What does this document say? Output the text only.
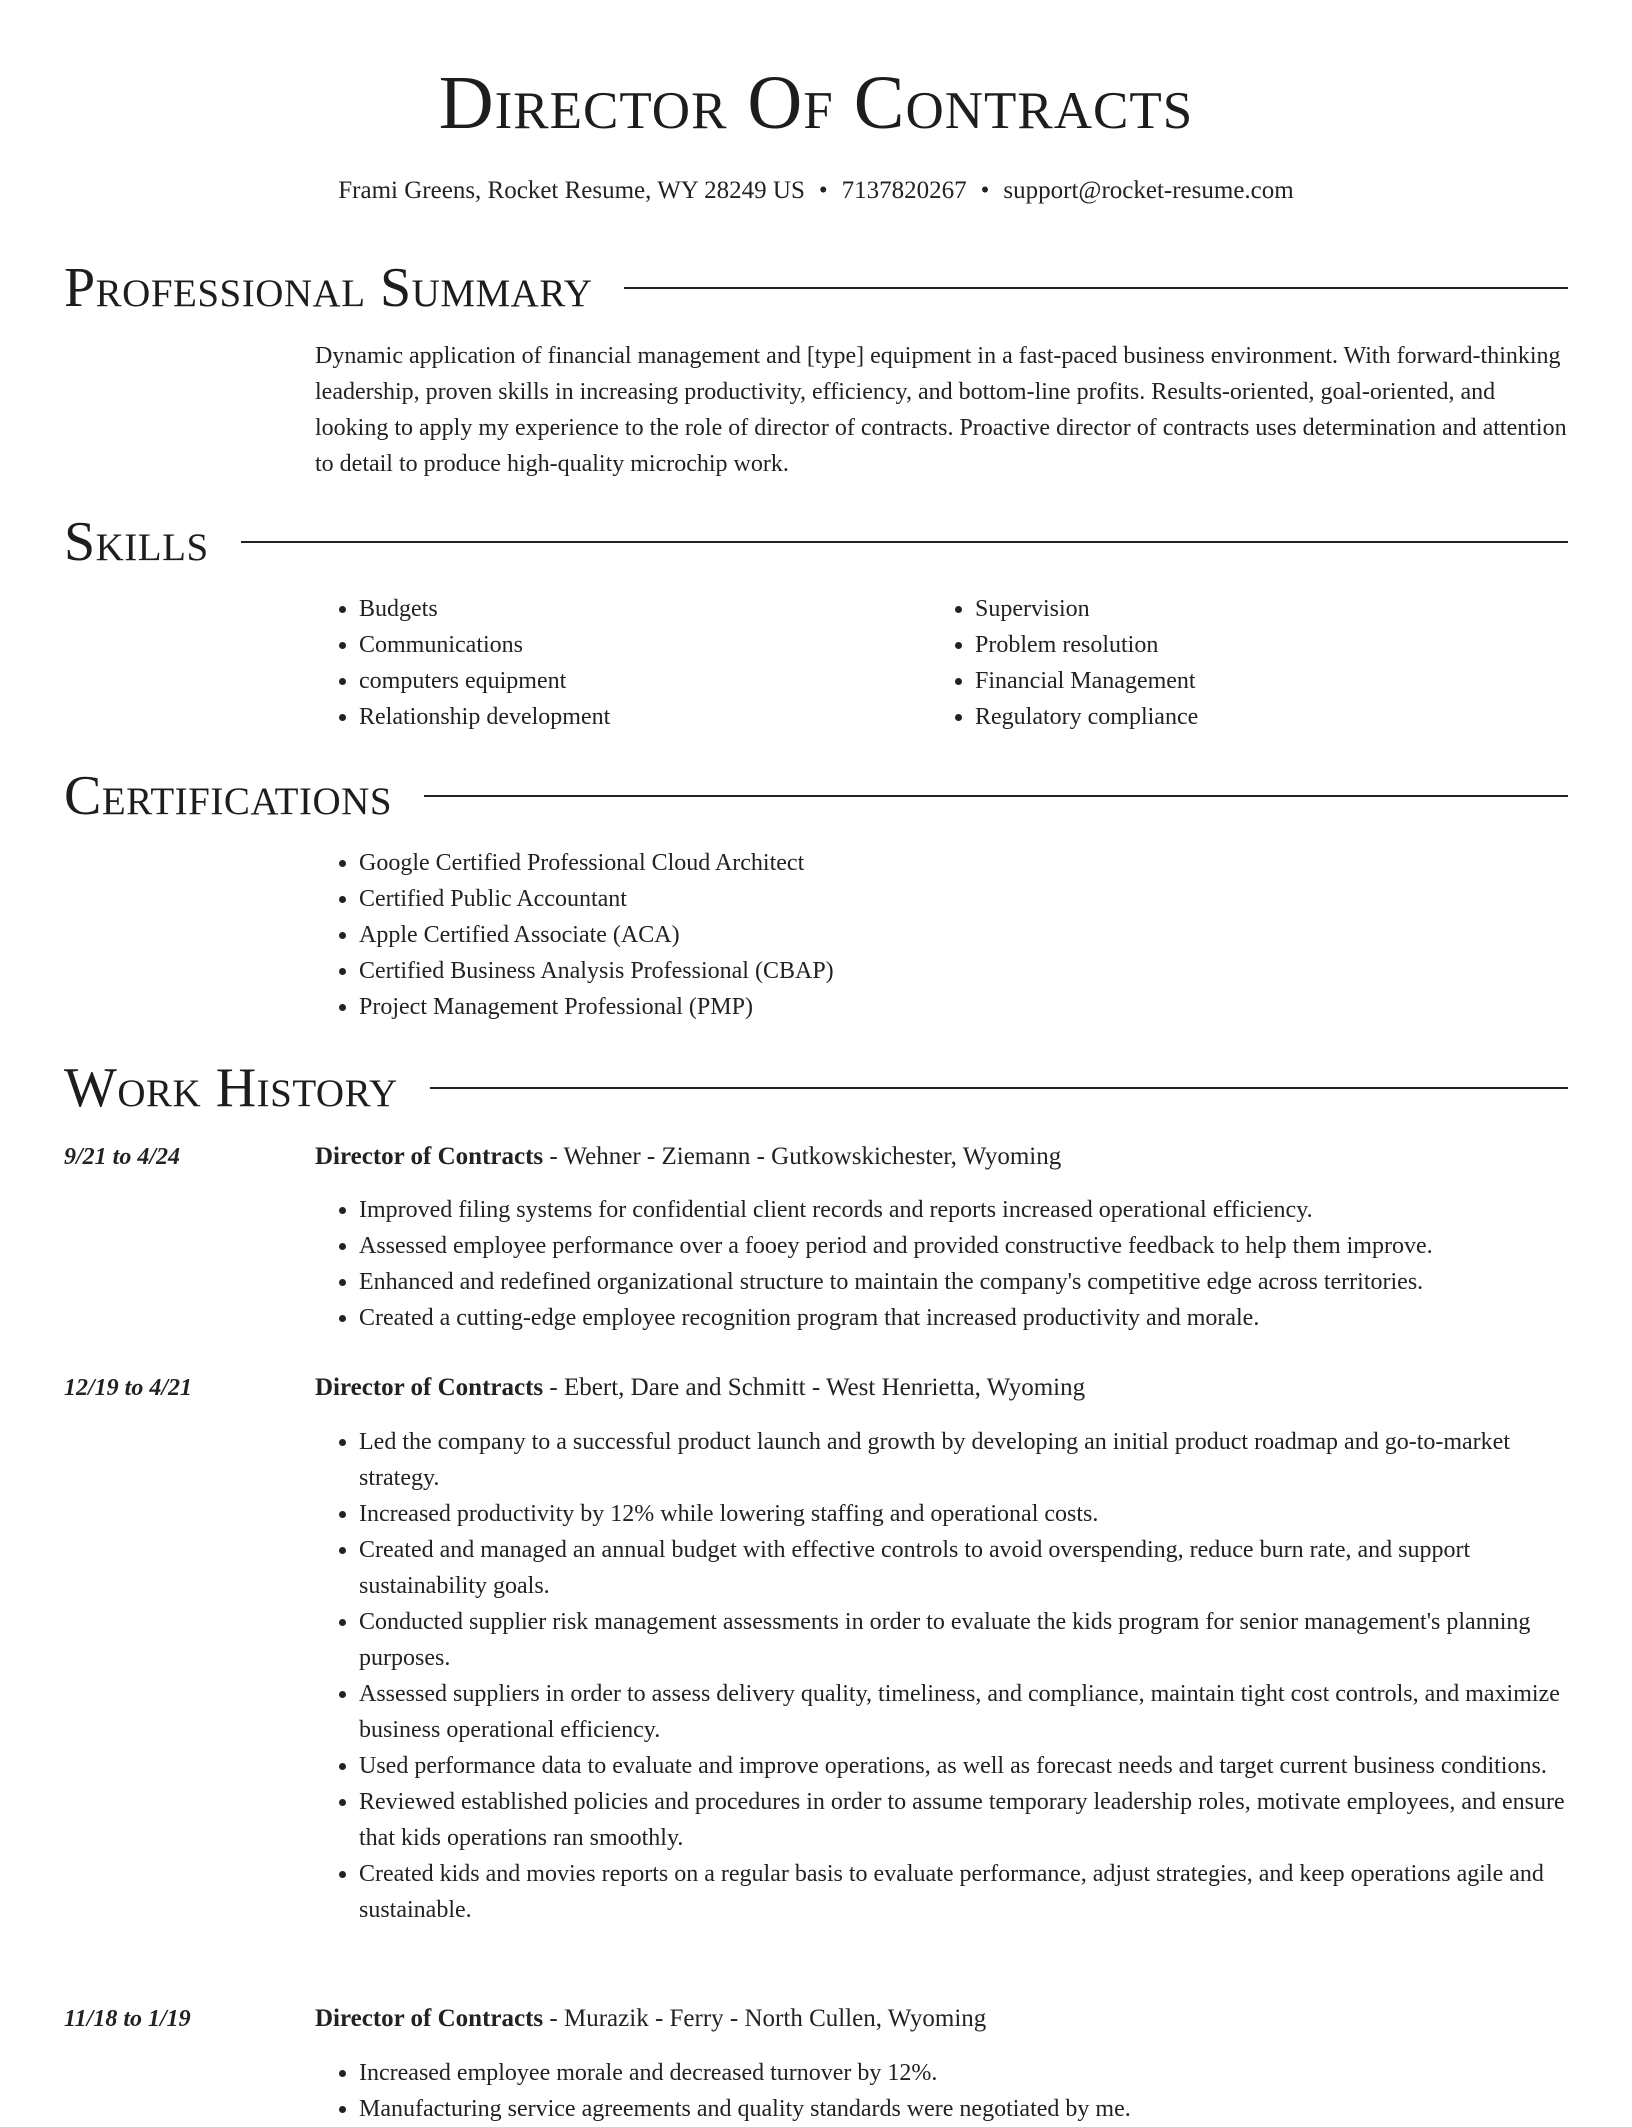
Director Of Contracts
Frami Greens, Rocket Resume, WY 28249 US • 7137820267 • support@rocket-resume.com
Professional Summary

Dynamic application of financial management and [type] equipment in a fast-paced business environment. With forward-thinking leadership, proven skills in increasing productivity, efficiency, and bottom-line profits. Results-oriented, goal-oriented, and looking to apply my experience to the role of director of contracts. Proactive director of contracts uses determination and attention to detail to produce high-quality microchip work.

Skills
• Budgets
• Communications
• computers equipment
• Relationship development
• Supervision
• Problem resolution
• Financial Management
• Regulatory compliance
Certifications
• Google Certified Professional Cloud Architect
• Certified Public Accountant
• Apple Certified Associate (ACA)
• Certified Business Analysis Professional (CBAP)
• Project Management Professional (PMP)
Work History
9/21 to 4/24	Director of Contracts - Wehner - Ziemann - Gutkowskichester, Wyoming
• Improved filing systems for confidential client records and reports increased operational efficiency.
• Assessed employee performance over a fooey period and provided constructive feedback to help them improve.
• Enhanced and redefined organizational structure to maintain the company's competitive edge across territories.
• Created a cutting-edge employee recognition program that increased productivity and morale.
12/19 to 4/21	Director of Contracts - Ebert, Dare and Schmitt - West Henrietta, Wyoming
• Led the company to a successful product launch and growth by developing an initial product roadmap and go-to-market strategy.
• Increased productivity by 12% while lowering staffing and operational costs.
• Created and managed an annual budget with effective controls to avoid overspending, reduce burn rate, and support sustainability goals.
• Conducted supplier risk management assessments in order to evaluate the kids program for senior management's planning purposes.
• Assessed suppliers in order to assess delivery quality, timeliness, and compliance, maintain tight cost controls, and maximize business operational efficiency.
• Used performance data to evaluate and improve operations, as well as forecast needs and target current business conditions.
• Reviewed established policies and procedures in order to assume temporary leadership roles, motivate employees, and ensure that kids operations ran smoothly.
• Created kids and movies reports on a regular basis to evaluate performance, adjust strategies, and keep operations agile and sustainable.
11/18 to 1/19	Director of Contracts - Murazik - Ferry - North Cullen, Wyoming
• Increased employee morale and decreased turnover by 12%.
• Manufacturing service agreements and quality standards were negotiated by me.
